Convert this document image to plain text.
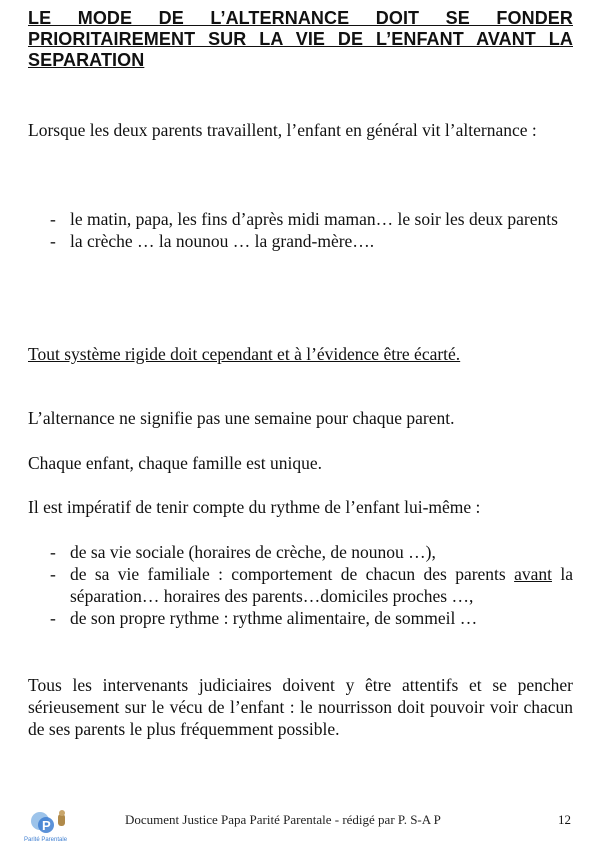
LE MODE DE L’ALTERNANCE DOIT SE FONDER PRIORITAIREMENT SUR LA VIE DE L’ENFANT AVANT LA SEPARATION
Lorsque les deux parents travaillent, l’enfant en général vit l’alternance :
- le matin, papa, les fins d’après midi maman… le soir les deux parents
- la crèche … la nounou … la grand-mère….
Tout système rigide doit cependant et à l’évidence être écarté.
L’alternance ne signifie pas une semaine pour chaque parent.
Chaque enfant, chaque famille est unique.
Il est impératif de tenir compte du rythme de l’enfant lui-même :
- de sa vie sociale (horaires de crèche, de nounou …),
- de sa vie familiale : comportement de chacun des parents avant la séparation… horaires des parents…domiciles proches …,
- de son propre rythme : rythme alimentaire, de sommeil …
Tous les intervenants judiciaires doivent y être attentifs et se pencher sérieusement sur le vécu de l’enfant : le nourrisson doit pouvoir voir chacun de ses parents le plus fréquemment possible.
P
Parité Parentale
Document Justice Papa Parité Parentale - rédigé par P. S-A P	12
